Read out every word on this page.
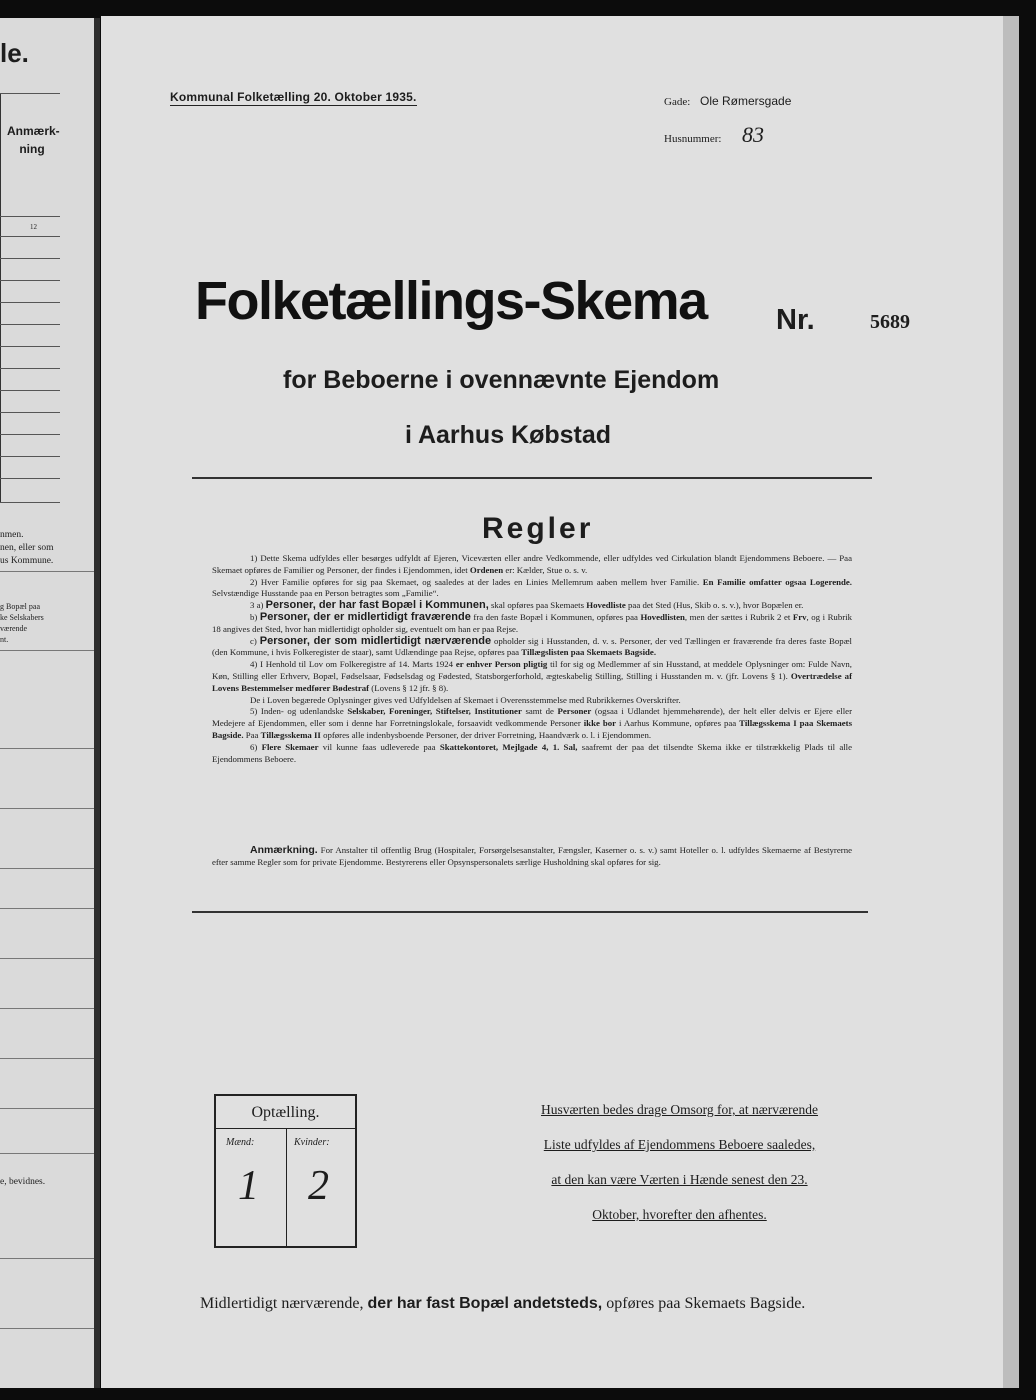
le.
Anmærk-
ning
12
nmen.
nen, eller som
us Kommune.
g Bopæl paa
ke Selskabers
værende
nt.
e, bevidnes.
Kommunal Folketælling 20. Oktober 1935.	Gade: Ole Rømersgade
Husnummer: 83
Folketællings-Skema Nr.	5689
for Beboerne i ovennævnte Ejendom
i Aarhus Købstad
Regler

1) Dette Skema udfyldes eller besørges udfyldt af Ejeren, Viceværten eller andre Vedkommende, eller udfyldes ved Cirkulation blandt Ejendommens Beboere. — Paa Skemaet opføres de Familier og Personer, der findes i Ejendommen, idet Ordenen er: Kælder, Stue o. s. v.

2) Hver Familie opføres for sig paa Skemaet, og saaledes at der lades en Linies Mellemrum aaben mellem hver Familie. En Familie omfatter ogsaa Logerende. Selvstændige Husstande paa en Person betragtes som „Familie“.

3 a) Personer, der har fast Bopæl i Kommunen, skal opføres paa Skemaets Hovedliste paa det Sted (Hus, Skib o. s. v.), hvor Bopælen er.

b) Personer, der er midlertidigt fraværende fra den faste Bopæl i Kommunen, opføres paa Hovedlisten, men der sættes i Rubrik 2 et Frv, og i Rubrik 18 angives det Sted, hvor han midlertidigt opholder sig, eventuelt om han er paa Rejse.

c) Personer, der som midlertidigt nærværende opholder sig i Husstanden, d. v. s. Personer, der ved Tællingen er fraværende fra deres faste Bopæl (den Kommune, i hvis Folkeregister de staar), samt Udlændinge paa Rejse, opføres paa Tillægslisten paa Skemaets Bagside.

4) I Henhold til Lov om Folkeregistre af 14. Marts 1924 er enhver Person pligtig til for sig og Medlemmer af sin Husstand, at meddele Oplysninger om: Fulde Navn, Køn, Stilling eller Erhverv, Bopæl, Fødselsaar, Fødselsdag og Fødested, Statsborgerforhold, ægteskabelig Stilling, Stilling i Husstanden m. v. (jfr. Lovens § 1). Overtrædelse af Lovens Bestemmelser medfører Bødestraf (Lovens § 12 jfr. § 8).

De i Loven begærede Oplysninger gives ved Udfyldelsen af Skemaet i Overensstemmelse med Rubrikkernes Overskrifter.

5) Inden- og udenlandske Selskaber, Foreninger, Stiftelser, Institutioner samt de Personer (ogsaa i Udlandet hjemmehørende), der helt eller delvis er Ejere eller Medejere af Ejendommen, eller som i denne har Forretningslokale, forsaavidt vedkommende Personer ikke bor i Aarhus Kommune, opføres paa Tillægsskema I paa Skemaets Bagside. Paa Tillægsskema II opføres alle indenbysboende Personer, der driver Forretning, Haandværk o. l. i Ejendommen.

6) Flere Skemaer vil kunne faas udleverede paa Skattekontoret, Mejlgade 4, 1. Sal, saafremt der paa det tilsendte Skema ikke er tilstrækkelig Plads til alle Ejendommens Beboere.

Anmærkning. For Anstalter til offentlig Brug (Hospitaler, Forsørgelsesanstalter, Fængsler, Kaserner o. s. v.) samt Hoteller o. l. udfyldes Skemaerne af Bestyrerne efter samme Regler som for private Ejendomme. Bestyrerens eller Opsynspersonalets særlige Husholdning skal opføres for sig.

Optælling.
Mænd:	Kvinder:
1 2
Husværten bedes drage Omsorg for, at nærværende
Liste udfyldes af Ejendommens Beboere saaledes,
at den kan være Værten i Hænde senest den 23.
Oktober, hvorefter den afhentes.
Midlertidigt nærværende, der har fast Bopæl andetsteds, opføres paa Skemaets Bagside.
